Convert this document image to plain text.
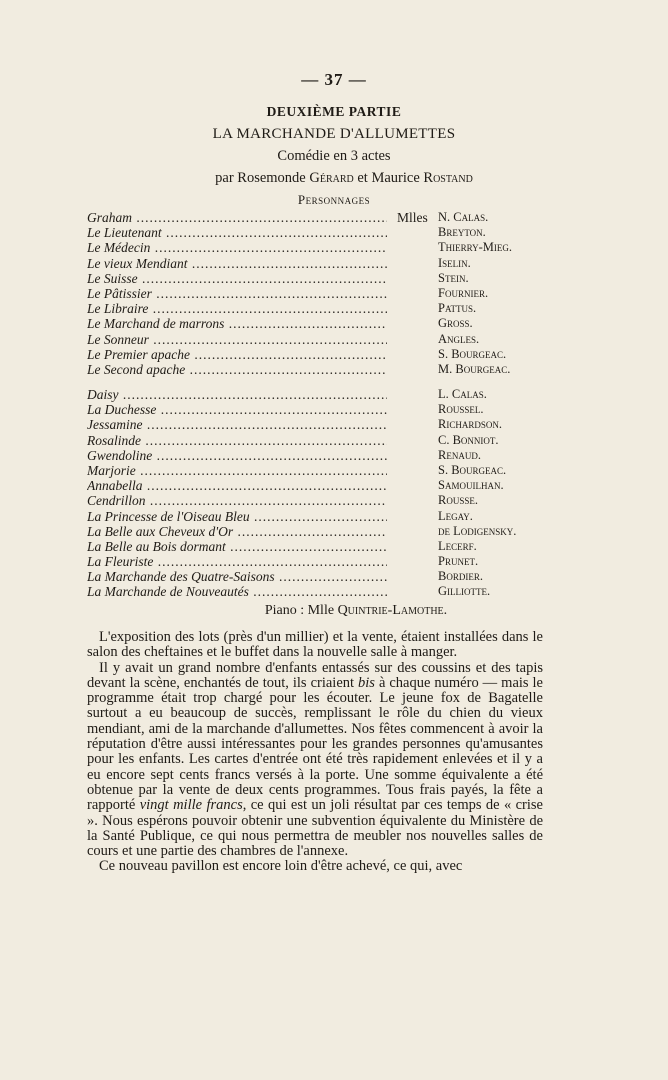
— 37 —
DEUXIÈME PARTIE
LA MARCHANDE D'ALLUMETTES
Comédie en 3 actes
par Rosemonde Gérard et Maurice Rostand
Personnages
Graham .....	Mlles N. Calas.
Le Lieutenant .....	Breyton.
Le Médecin .....	Thierry-Mieg.
Le vieux Mendiant .....	Iselin.
Le Suisse .....	Stein.
Le Pâtissier .....	Fournier.
Le Libraire .....	Pattus.
Le Marchand de marrons .....	Gross.
Le Sonneur .....	Angles.
Le Premier apache .....	S. Bourgeac.
Le Second apache .....	M. Bourgeac.
Daisy .....	L. Calas.
La Duchesse .....	Roussel.
Jessamine .....	Richardson.
Rosalinde .....	C. Bonniot.
Gwendoline .....	Renaud.
Marjorie .....	S. Bourgeac.
Annabella .....	Samouilhan.
Cendrillon .....	Rousse.
La Princesse de l'Oiseau Bleu .....	Legay.
La Belle aux Cheveux d'Or .....	de Lodigensky.
La Belle au Bois dormant .....	Lecerf.
La Fleuriste .....	Prunet.
La Marchande des Quatre-Saisons .....	Bordier.
La Marchande de Nouveautés .....	Gilliotte.
Piano : Mlle Quintrie-Lamothe.

L'exposition des lots (près d'un millier) et la vente, étaient installées dans le salon des cheftaines et le buffet dans la nouvelle salle à manger.

Il y avait un grand nombre d'enfants entassés sur des coussins et des tapis devant la scène, enchantés de tout, ils criaient bis à chaque numéro — mais le programme était trop chargé pour les écouter. Le jeune fox de Bagatelle surtout a eu beaucoup de succès, remplissant le rôle du chien du vieux mendiant, ami de la marchande d'allumettes. Nos fêtes commencent à avoir la réputation d'être aussi intéressantes pour les grandes personnes qu'amusantes pour les enfants. Les cartes d'entrée ont été très rapidement enlevées et il y a eu encore sept cents francs versés à la porte. Une somme équivalente a été obtenue par la vente de deux cents programmes. Tous frais payés, la fête a rapporté vingt mille francs, ce qui est un joli résultat par ces temps de « crise ». Nous espérons pouvoir obtenir une subvention équivalente du Ministère de la Santé Publique, ce qui nous permettra de meubler nos nouvelles salles de cours et une partie des chambres de l'annexe.

Ce nouveau pavillon est encore loin d'être achevé, ce qui, avec
